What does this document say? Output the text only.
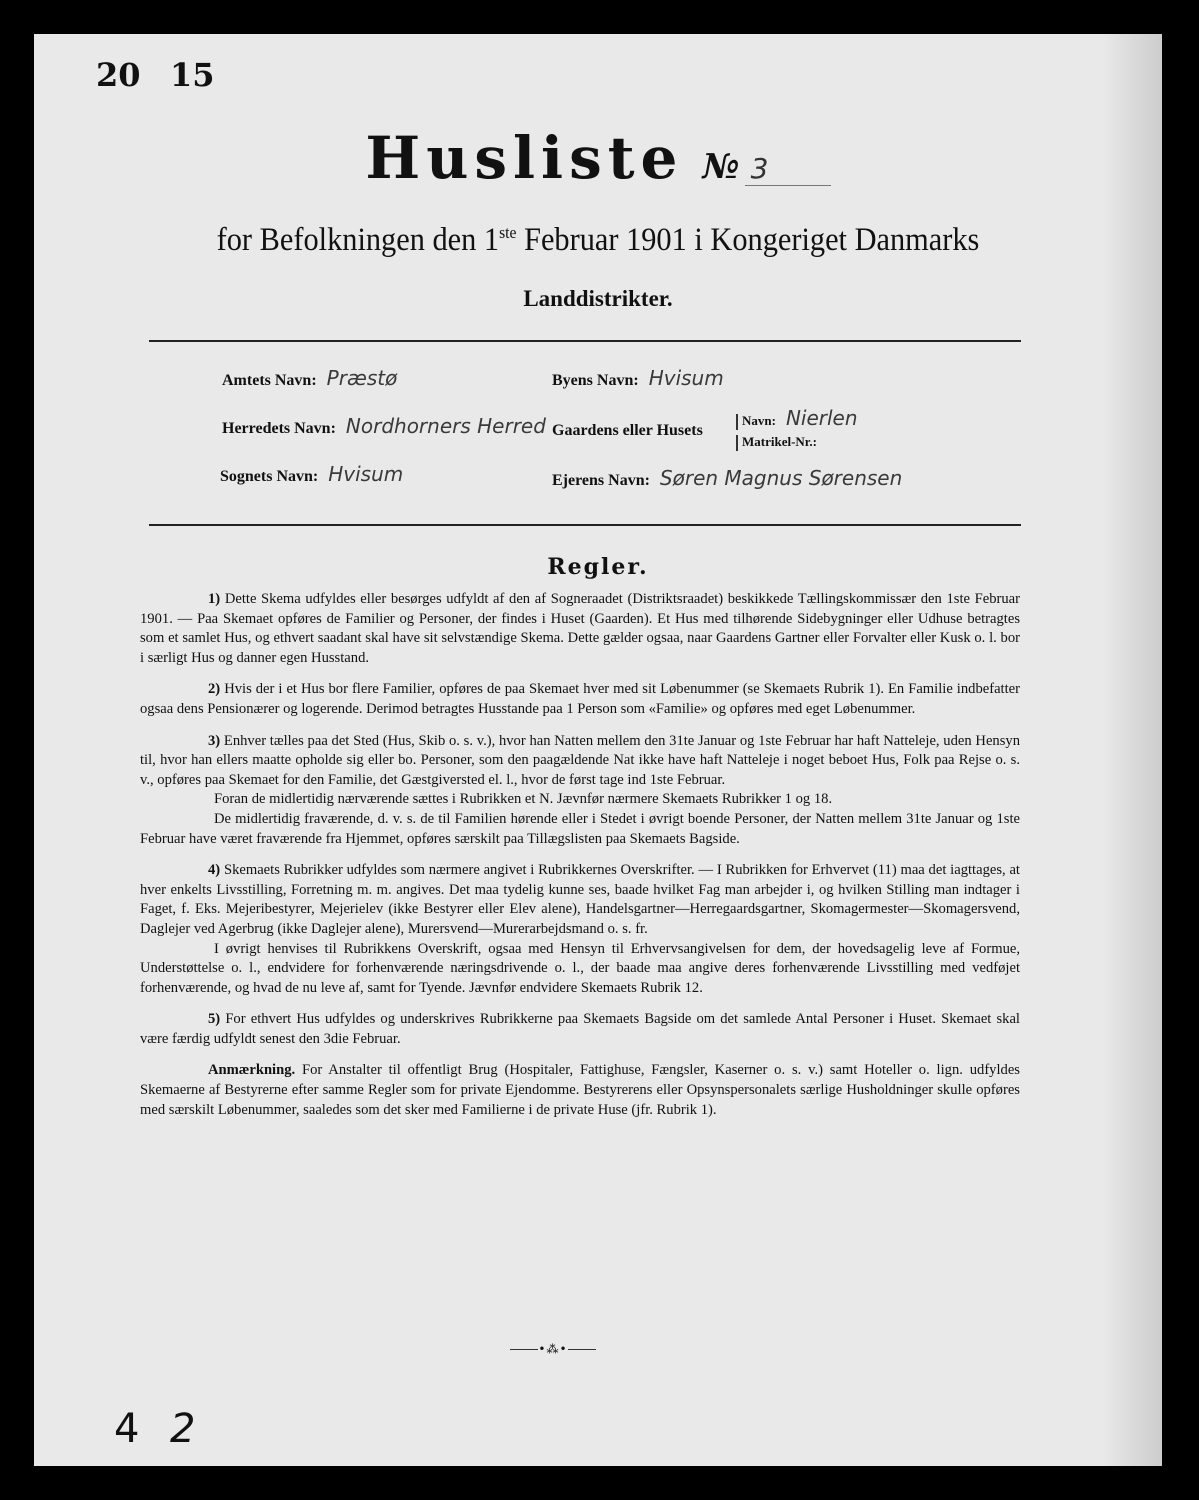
20 15
Husliste № 3
for Befolkningen den 1ste Februar 1901 i Kongeriget Danmarks
Landdistrikter.
Amtets Navn: Præstø	Byens Navn: Hvisum
Herredets Navn: Nordhorners Herred Gaardens eller Husets
Navn: Nierlen
Matrikel-Nr.:
Sognets Navn: Hvisum	Ejerens Navn: Søren Magnus Sørensen
Regler.

1) Dette Skema udfyldes eller besørges udfyldt af den af Sogneraadet (Distriktsraadet) beskikkede Tællingskommissær den 1ste Februar 1901. — Paa Skemaet opføres de Familier og Personer, der findes i Huset (Gaarden). Et Hus med tilhørende Sidebygninger eller Udhuse betragtes som et samlet Hus, og ethvert saadant skal have sit selvstændige Skema. Dette gælder ogsaa, naar Gaardens Gartner eller Forvalter eller Kusk o. l. bor i særligt Hus og danner egen Husstand.

2) Hvis der i et Hus bor flere Familier, opføres de paa Skemaet hver med sit Løbenummer (se Skemaets Rubrik 1). En Familie indbefatter ogsaa dens Pensionærer og logerende. Derimod betragtes Husstande paa 1 Person som «Familie» og opføres med eget Løbenummer.

3) Enhver tælles paa det Sted (Hus, Skib o. s. v.), hvor han Natten mellem den 31te Januar og 1ste Februar har haft Natteleje, uden Hensyn til, hvor han ellers maatte opholde sig eller bo. Personer, som den paagældende Nat ikke have haft Natteleje i noget beboet Hus, Folk paa Rejse o. s. v., opføres paa Skemaet for den Familie, det Gæstgiversted el. l., hvor de først tage ind 1ste Februar.

Foran de midlertidig nærværende sættes i Rubrikken et N. Jævnfør nærmere Skemaets Rubrikker 1 og 18.

De midlertidig fraværende, d. v. s. de til Familien hørende eller i Stedet i øvrigt boende Personer, der Natten mellem 31te Januar og 1ste Februar have været fraværende fra Hjemmet, opføres særskilt paa Tillægslisten paa Skemaets Bagside.

4) Skemaets Rubrikker udfyldes som nærmere angivet i Rubrikkernes Overskrifter. — I Rubrikken for Erhvervet (11) maa det iagttages, at hver enkelts Livsstilling, Forretning m. m. angives. Det maa tydelig kunne ses, baade hvilket Fag man arbejder i, og hvilken Stilling man indtager i Faget, f. Eks. Mejeribestyrer, Mejerielev (ikke Bestyrer eller Elev alene), Handelsgartner—Herregaardsgartner, Skomagermester—Skomagersvend, Daglejer ved Agerbrug (ikke Daglejer alene), Murersvend—Murerarbejdsmand o. s. fr.

I øvrigt henvises til Rubrikkens Overskrift, ogsaa med Hensyn til Erhvervsangivelsen for dem, der hovedsagelig leve af Formue, Understøttelse o. l., endvidere for forhenværende næringsdrivende o. l., der baade maa angive deres forhenværende Livsstilling med vedføjet forhenværende, og hvad de nu leve af, samt for Tyende. Jævnfør endvidere Skemaets Rubrik 12.

5) For ethvert Hus udfyldes og underskrives Rubrikkerne paa Skemaets Bagside om det samlede Antal Personer i Huset. Skemaet skal være færdig udfyldt senest den 3die Februar.

Anmærkning. For Anstalter til offentligt Brug (Hospitaler, Fattighuse, Fængsler, Kaserner o. s. v.) samt Hoteller o. lign. udfyldes Skemaerne af Bestyrerne efter samme Regler som for private Ejendomme. Bestyrerens eller Opsynspersonalets særlige Husholdninger skulle opføres med særskilt Løbenummer, saaledes som det sker med Familierne i de private Huse (jfr. Rubrik 1).

•⁂•
4 2
